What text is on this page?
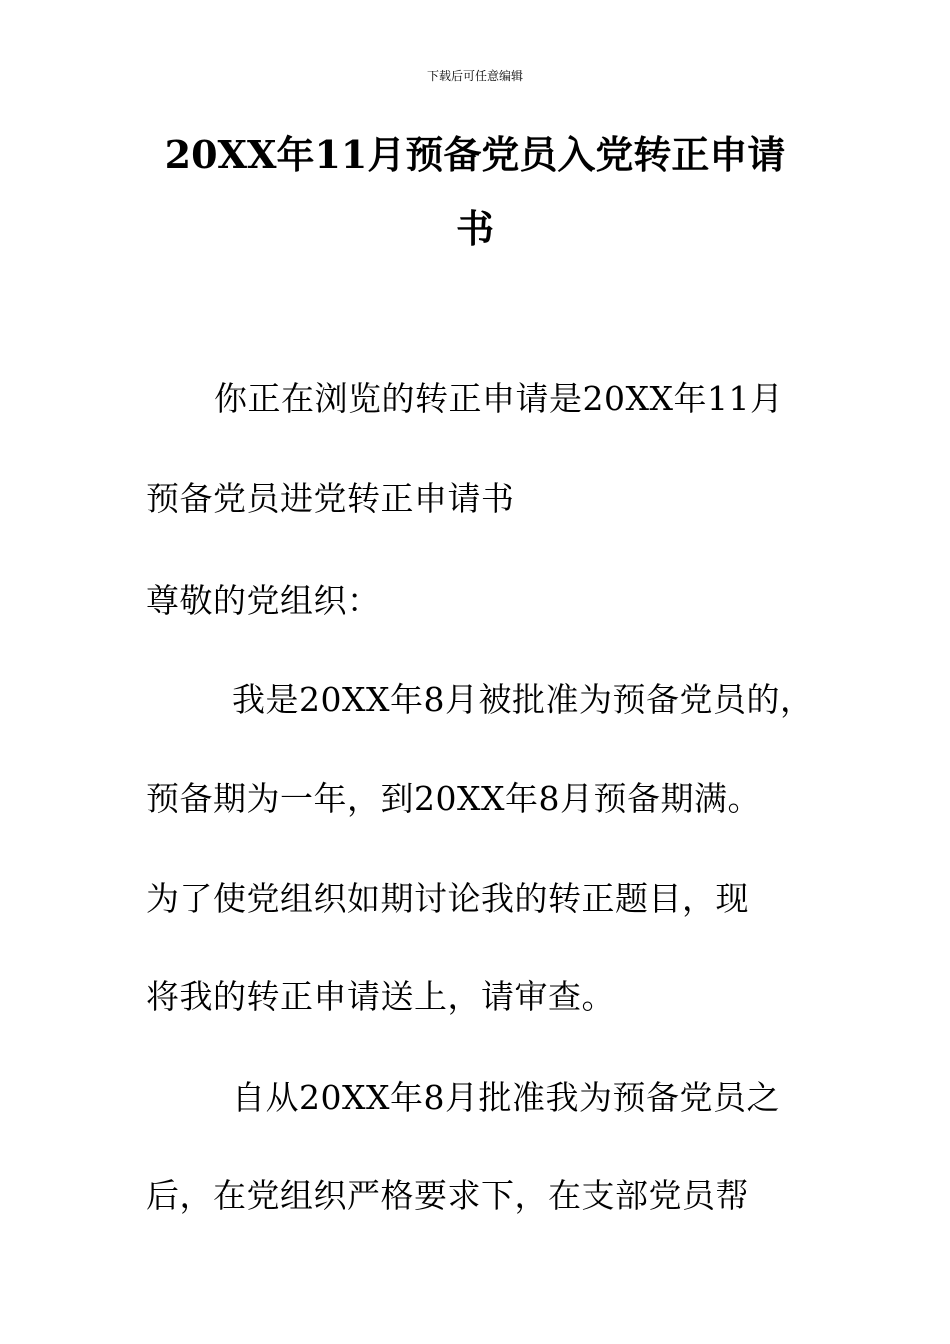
下载后可任意编辑
20XX年11月预备党员入党转正申请
书
你正在浏览的转正申请是20XX年11月
预备党员进党转正申请书
尊敬的党组织：
我是20XX年8月被批准为预备党员的，
预备期为一年，到20XX年8月预备期满。
为了使党组织如期讨论我的转正题目，现
将我的转正申请送上，请审查。
自从20XX年8月批准我为预备党员之
后，在党组织严格要求下，在支部党员帮
